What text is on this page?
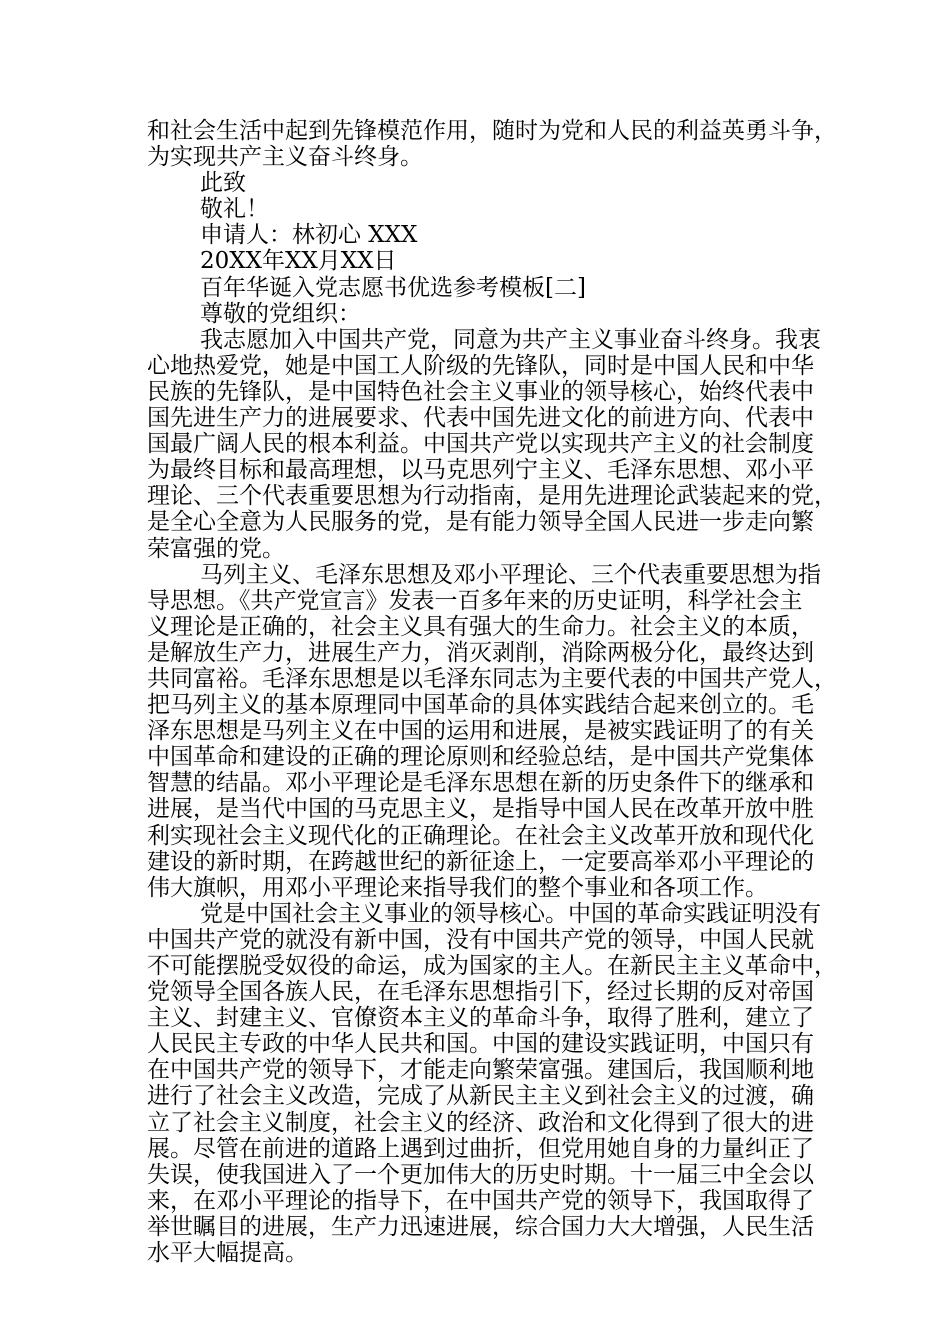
和社会生活中起到先锋模范作用，随时为党和人民的利益英勇斗争，
为实现共产主义奋斗终身。
此致
敬礼！
申请人：林初心 XXX
20XX年XX月XX日
百年华诞入党志愿书优选参考模板[二]
尊敬的党组织：
我志愿加入中国共产党，同意为共产主义事业奋斗终身。我衷
心地热爱党，她是中国工人阶级的先锋队，同时是中国人民和中华
民族的先锋队，是中国特色社会主义事业的领导核心，始终代表中
国先进生产力的进展要求、代表中国先进文化的前进方向、代表中
国最广阔人民的根本利益。中国共产党以实现共产主义的社会制度
为最终目标和最高理想，以马克思列宁主义、毛泽东思想、邓小平
理论、三个代表重要思想为行动指南，是用先进理论武装起来的党，
是全心全意为人民服务的党，是有能力领导全国人民进一步走向繁
荣富强的党。
马列主义、毛泽东思想及邓小平理论、三个代表重要思想为指
导思想。《共产党宣言》发表一百多年来的历史证明，科学社会主
义理论是正确的，社会主义具有强大的生命力。社会主义的本质，
是解放生产力，进展生产力，消灭剥削，消除两极分化，最终达到
共同富裕。毛泽东思想是以毛泽东同志为主要代表的中国共产党人，
把马列主义的基本原理同中国革命的具体实践结合起来创立的。毛
泽东思想是马列主义在中国的运用和进展，是被实践证明了的有关
中国革命和建设的正确的理论原则和经验总结，是中国共产党集体
智慧的结晶。邓小平理论是毛泽东思想在新的历史条件下的继承和
进展，是当代中国的马克思主义，是指导中国人民在改革开放中胜
利实现社会主义现代化的正确理论。在社会主义改革开放和现代化
建设的新时期，在跨越世纪的新征途上，一定要高举邓小平理论的
伟大旗帜，用邓小平理论来指导我们的整个事业和各项工作。
党是中国社会主义事业的领导核心。中国的革命实践证明没有
中国共产党的就没有新中国，没有中国共产党的领导，中国人民就
不可能摆脱受奴役的命运，成为国家的主人。在新民主主义革命中，
党领导全国各族人民，在毛泽东思想指引下，经过长期的反对帝国
主义、封建主义、官僚资本主义的革命斗争，取得了胜利，建立了
人民民主专政的中华人民共和国。中国的建设实践证明，中国只有
在中国共产党的领导下，才能走向繁荣富强。建国后，我国顺利地
进行了社会主义改造，完成了从新民主主义到社会主义的过渡，确
立了社会主义制度，社会主义的经济、政治和文化得到了很大的进
展。尽管在前进的道路上遇到过曲折，但党用她自身的力量纠正了
失误，使我国进入了一个更加伟大的历史时期。十一届三中全会以
来，在邓小平理论的指导下，在中国共产党的领导下，我国取得了
举世瞩目的进展，生产力迅速进展，综合国力大大增强，人民生活
水平大幅提高。
